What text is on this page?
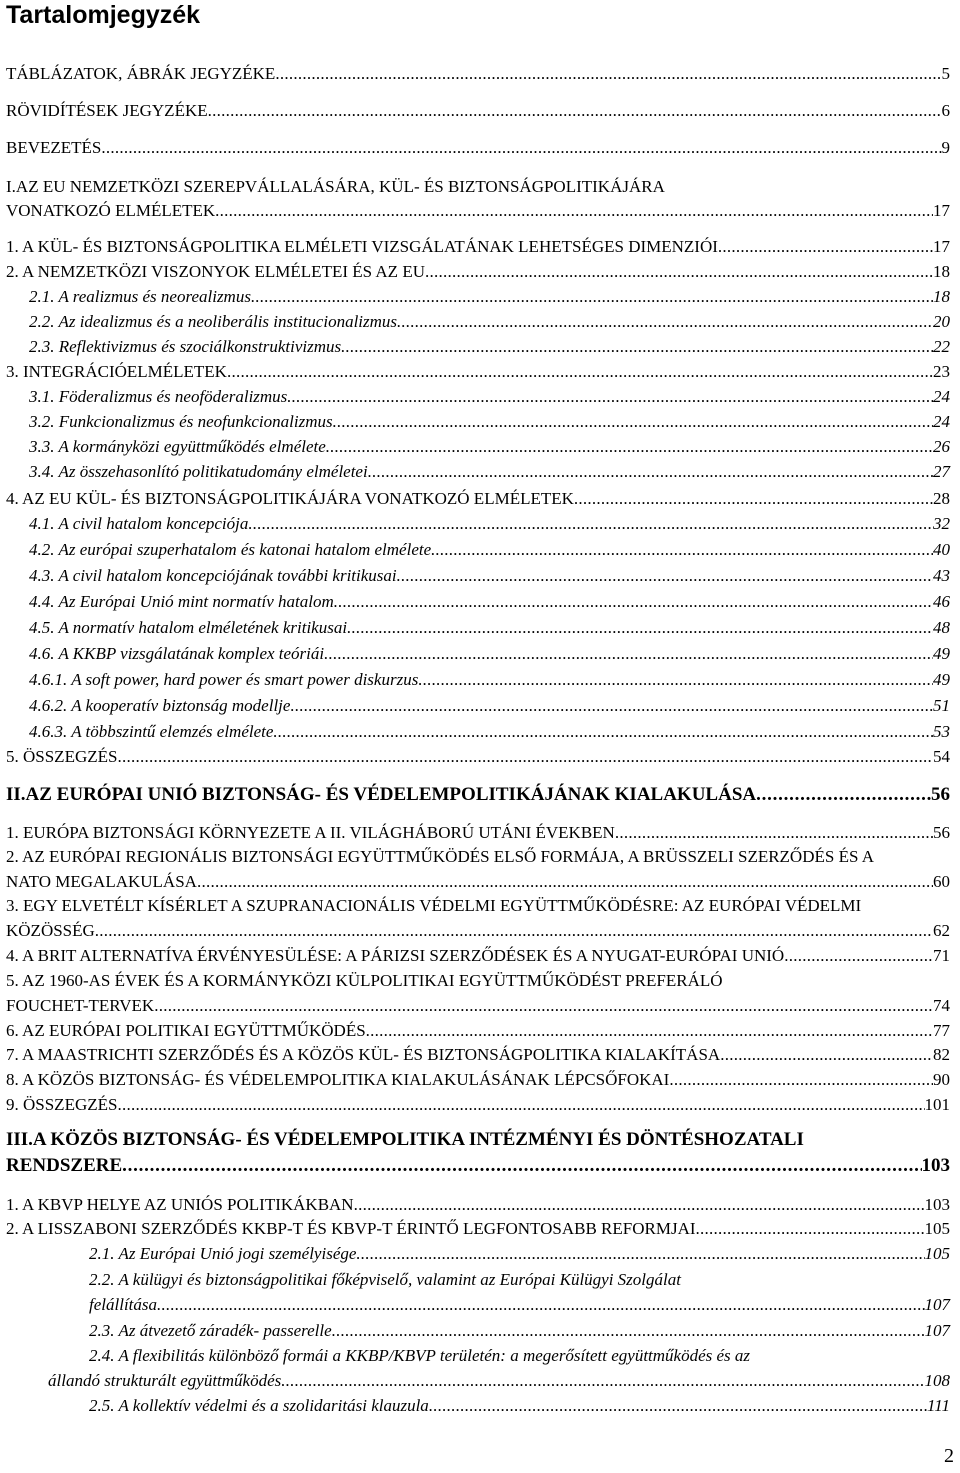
Tartalomjegyzék
TÁBLÁZATOK, ÁBRÁK JEGYZÉKE . . .	5
RÖVIDÍTÉSEK JEGYZÉKE . . .	6
BEVEZETÉS . . .	9
I.AZ EU NEMZETKÖZI SZEREPVÁLLALÁSÁRA, KÜL- ÉS BIZTONSÁGPOLITIKÁJÁRA
VONATKOZÓ ELMÉLETEK . . .	17
1. A KÜL- ÉS BIZTONSÁGPOLITIKA ELMÉLETI VIZSGÁLATÁNAK LEHETSÉGES DIMENZIÓI . . .	17
2. A NEMZETKÖZI VISZONYOK ELMÉLETEI ÉS AZ EU . . .	18
2.1. A realizmus és neorealizmus . . .	18
2.2. Az idealizmus és a neoliberális institucionalizmus . . .	20
2.3. Reflektivizmus és szociálkonstruktivizmus . . .	22
3. INTEGRÁCIÓELMÉLETEK . . .	23
3.1. Föderalizmus és neoföderalizmus . . .	24
3.2. Funkcionalizmus és neofunkcionalizmus . . .	24
3.3. A kormányközi együttműködés elmélete . . .	26
3.4. Az összehasonlító politikatudomány elméletei . . .	27
4. AZ EU KÜL- ÉS BIZTONSÁGPOLITIKÁJÁRA VONATKOZÓ ELMÉLETEK . . .	28
4.1. A civil hatalom koncepciója . . .	32
4.2. Az európai szuperhatalom és katonai hatalom elmélete . . .	40
4.3. A civil hatalom koncepciójának további kritikusai . . .	43
4.4. Az Európai Unió mint normatív hatalom . . .	46
4.5. A normatív hatalom elméletének kritikusai . . .	48
4.6. A KKBP vizsgálatának komplex teóriái . . .	49
4.6.1. A soft power, hard power és smart power diskurzus . . .	49
4.6.2. A kooperatív biztonság modellje . . .	51
4.6.3. A többszintű elemzés elmélete . . .	53
5. ÖSSZEGZÉS . . .	54
II.AZ EURÓPAI UNIÓ BIZTONSÁG- ÉS VÉDELEMPOLITIKÁJÁNAK KIALAKULÁSA . . .	56
1. EURÓPA BIZTONSÁGI KÖRNYEZETE A II. VILÁGHÁBORÚ UTÁNI ÉVEKBEN . . .	56
2. AZ EURÓPAI REGIONÁLIS BIZTONSÁGI EGYÜTTMŰKÖDÉS ELSŐ FORMÁJA, A BRÜSSZELI SZERZŐDÉS ÉS A
NATO MEGALAKULÁSA . . .	60
3. EGY ELVETÉLT KÍSÉRLET A SZUPRANACIONÁLIS VÉDELMI EGYÜTTMŰKÖDÉSRE: AZ EURÓPAI VÉDELMI
KÖZÖSSÉG . . .	62
4. A BRIT ALTERNATÍVA ÉRVÉNYESÜLÉSE: A PÁRIZSI SZERZŐDÉSEK ÉS A NYUGAT-EURÓPAI UNIÓ . . .	71
5. AZ 1960-AS ÉVEK ÉS A KORMÁNYKÖZI KÜLPOLITIKAI EGYÜTTMŰKÖDÉST PREFERÁLÓ
FOUCHET-TERVEK . . .	74
6. AZ EURÓPAI POLITIKAI EGYÜTTMŰKÖDÉS . . .	77
7. A MAASTRICHTI SZERZŐDÉS ÉS A KÖZÖS KÜL- ÉS BIZTONSÁGPOLITIKA KIALAKÍTÁSA . . .	82
8. A KÖZÖS BIZTONSÁG- ÉS VÉDELEMPOLITIKA KIALAKULÁSÁNAK LÉPCSŐFOKAI . . .	90
9. ÖSSZEGZÉS . . .	101
III.A KÖZÖS BIZTONSÁG- ÉS VÉDELEMPOLITIKA INTÉZMÉNYI ÉS DÖNTÉSHOZATALI
RENDSZERE . . .	103
1. A KBVP HELYE AZ UNIÓS POLITIKÁKBAN . . .	103
2. A LISSZABONI SZERZŐDÉS KKBP-T ÉS KBVP-T ÉRINTŐ LEGFONTOSABB REFORMJAI . . .	105
2.1. Az Európai Unió jogi személyisége . . .	105
2.2. A külügyi és biztonságpolitikai főképviselő, valamint az Európai Külügyi Szolgálat
felállítása . . .	107
2.3. Az átvezető záradék- passerelle . . .	107
2.4. A flexibilitás különböző formái a KKBP/KBVP területén: a megerősített együttműködés és az
állandó strukturált együttműködés . . .	108
2.5. A kollektív védelmi és a szolidaritási klauzula . . .	111
2
